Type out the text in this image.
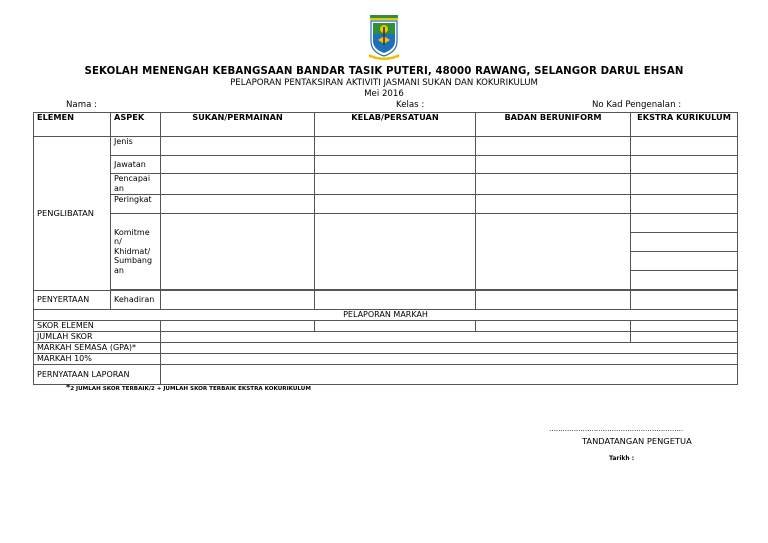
SEKOLAH MENENGAH KEBANGSAAN BANDAR TASIK PUTERI, 48000 RAWANG, SELANGOR DARUL EHSAN
PELAPORAN PENTAKSIRAN AKTIVITI JASMANI SUKAN DAN KOKURIKULUM
Mei 2016
Nama :	Kelas :	No Kad Pengenalan :
ELEMEN	ASPEK	SUKAN/PERMAINAN	KELAB/PERSATUAN	BADAN BERUNIFORM	EKSTRA KURIKULUM
PENGLIBATAN	Jenis				
	Jawatan				
	Pencapai an				
	Peringkat				
	Komitme n/ Khidmat/ Sumbang an				

PENYERTAAN	Kehadiran				
PELAPORAN MARKAH					
SKOR ELEMEN					
JUMLAH SKOR					
MARKAH SEMASA (GPA)*					
MARKAH 10%					
PERNYATAAN LAPORAN					
*2 JUMLAH SKOR TERBAIK/2 + JUMLAH SKOR TERBAIK EKSTRA KOKURIKULUM
……………………………………………………
TANDATANGAN PENGETUA
Tarikh :
